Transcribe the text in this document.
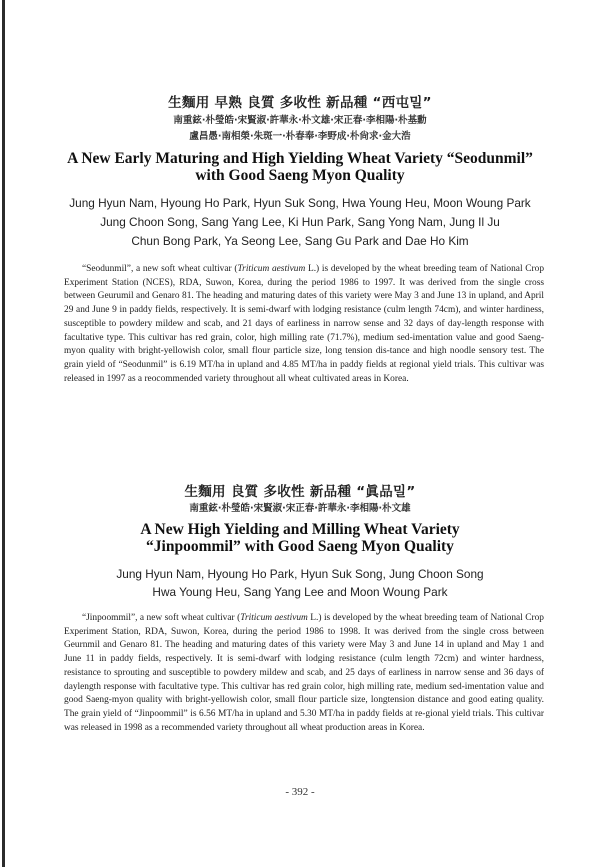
生麵用 早熟 良質 多收性 新品種 “西屯밀”
南重鉉·朴瑩皓·宋賢淑·許華永·朴文雄·宋正春·李相陽·朴基勳
盧昌愚·南相榮·朱斑一·朴春奉·李野成·朴尙求·金大浩
A New Early Maturing and High Yielding Wheat Variety “Seodunmil”
with Good Saeng Myon Quality
Jung Hyun Nam, Hyoung Ho Park, Hyun Suk Song, Hwa Young Heu, Moon Woung Park
Jung Choon Song, Sang Yang Lee, Ki Hun Park, Sang Yong Nam, Jung Il Ju
Chun Bong Park, Ya Seong Lee, Sang Gu Park and Dae Ho Kim
“Seodunmil”, a new soft wheat cultivar (Triticum aestivum L.) is developed by the wheat breeding team of National Crop Experiment Station (NCES), RDA, Suwon, Korea, during the period 1986 to 1997. It was derived from the single cross between Geurumil and Genaro 81. The heading and maturing dates of this variety were May 3 and June 13 in upland, and April 29 and June 9 in paddy fields, respectively. It is semi-dwarf with lodging resistance (culm length 74cm), and winter hardiness, susceptible to powdery mildew and scab, and 21 days of earliness in narrow sense and 32 days of day-length response with facultative type. This cultivar has red grain, color, high milling rate (71.7%), medium sed-imentation value and good Saeng-myon quality with bright-yellowish color, small flour particle size, long tension dis-tance and high noodle sensory test. The grain yield of “Seodunmil” is 6.19 MT/ha in upland and 4.85 MT/ha in paddy fields at regional yield trials. This cultivar was released in 1997 as a reocommended variety throughout all wheat cultivated areas in Korea.
生麵用 良質 多收性 新品種 “眞品밀”
南重鉉·朴瑩皓·宋賢淑·宋正春·許華永·李相陽·朴文雄
A New High Yielding and Milling Wheat Variety
“Jinpoommil” with Good Saeng Myon Quality
Jung Hyun Nam, Hyoung Ho Park, Hyun Suk Song, Jung Choon Song
Hwa Young Heu, Sang Yang Lee and Moon Woung Park
“Jinpoommil”, a new soft wheat cultivar (Triticum aestivum L.) is developed by the wheat breeding team of National Crop Experiment Station, RDA, Suwon, Korea, during the period 1986 to 1998. It was derived from the single cross between Geurnmil and Genaro 81. The heading and maturing dates of this variety were May 3 and June 14 in upland and May 1 and June 11 in paddy fields, respectively. It is semi-dwarf with lodging resistance (culm length 72cm) and winter hardness, resistance to sprouting and susceptible to powdery mildew and scab, and 25 days of earliness in narrow sense and 36 days of daylength response with facultative type. This cultivar has red grain color, high milling rate, medium sed-imentation value and good Saeng-myon quality with bright-yellowish color, small flour particle size, longtension distance and good eating quality. The grain yield of “Jinpoommil” is 6.56 MT/ha in upland and 5.30 MT/ha in paddy fields at re-gional yield trials. This cultivar was released in 1998 as a recommended variety throughout all wheat production areas in Korea.
- 392 -
